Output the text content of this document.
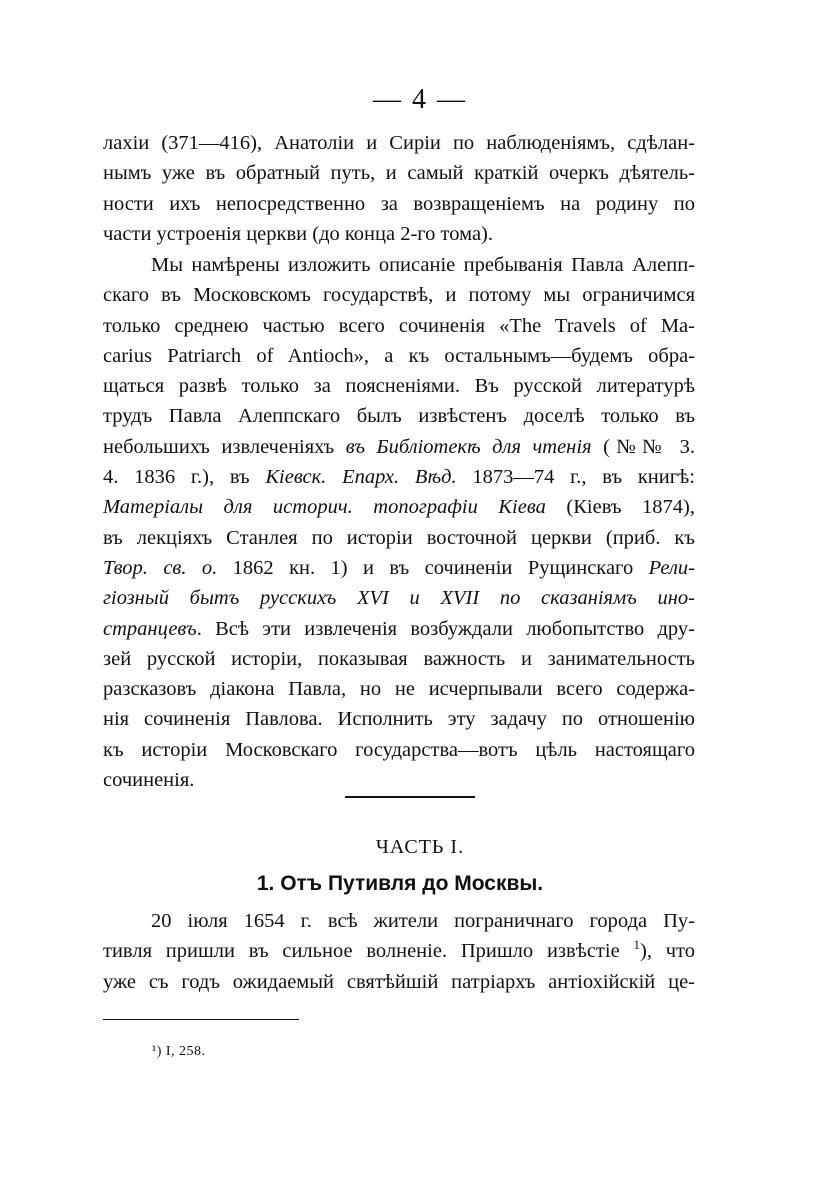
— 4 —
лахіи (371—416), Анатоліи и Сиріи по наблюденіямъ, сдѣлан-
нымъ уже въ обратный путь, и самый краткій очеркъ дѣятель-
ности ихъ непосредственно за возвращеніемъ на родину по
части устроенія церкви (до конца 2-го тома).
Мы намѣрены изложить описаніе пребыванія Павла Алепп-
скаго въ Московскомъ государствѣ, и потому мы ограничимся
только среднею частью всего сочиненія «The Travels of Ma-
carius Patriarch of Antioch», а къ остальнымъ—будемъ обра-
щаться развѣ только за поясненіями. Въ русской литературѣ
трудъ Павла Алеппскаго былъ извѣстенъ доселѣ только въ
небольшихъ извлеченіяхъ въ Библіотекѣ для чтенія (№№ 3.
4. 1836 г.), въ Кіевск. Епарх. Вѣд. 1873—74 г., въ книгѣ:
Матеріалы для историч. топографіи Кіева (Кіевъ 1874),
въ лекціяхъ Станлея по исторіи восточной церкви (приб. къ
Твор. св. о. 1862 кн. 1) и въ сочиненіи Рущинскаго Рели-
гіозный бытъ русскихъ XVI и XVII по сказаніямъ ино-
странцевъ. Всѣ эти извлеченія возбуждали любопытство дру-
зей русской исторіи, показывая важность и занимательность
разсказовъ діакона Павла, но не исчерпывали всего содержа-
нія сочиненія Павлова. Исполнить эту задачу по отношенію
къ исторіи Московскаго государства—вотъ цѣль настоящаго
сочиненія.
ЧАСТЬ I.
1. Отъ Путивля до Москвы.
20 іюля 1654 г. всѣ жители пограничнаго города Пу-
тивля пришли въ сильное волненіе. Пришло извѣстіе $^1$), что
уже съ годъ ожидаемый святѣйшій патріархъ антіохійскій це-
¹) I, 258.
